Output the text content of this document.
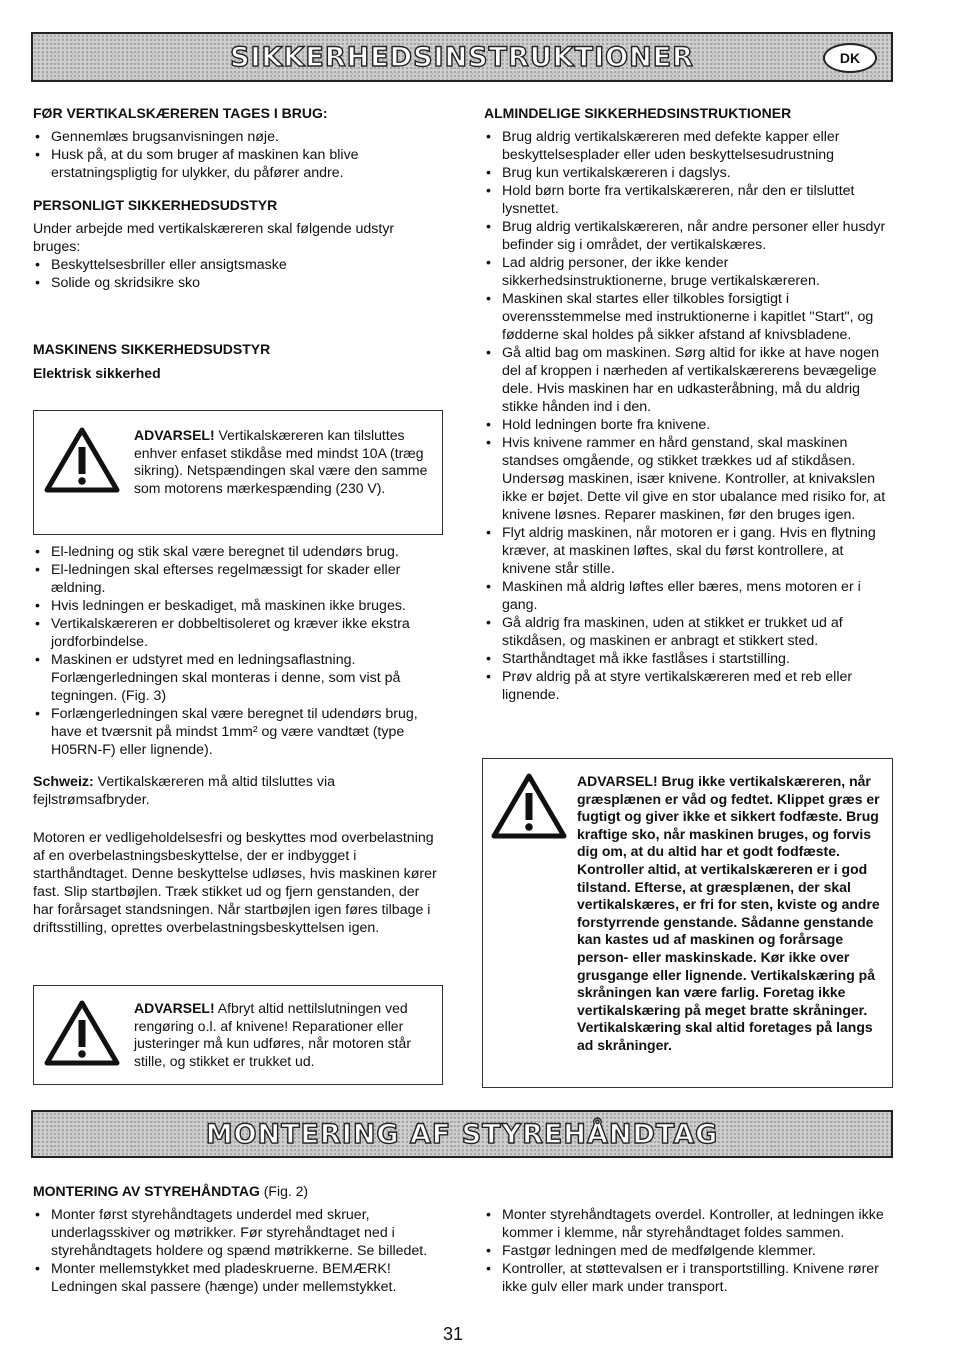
SIKKERHEDSINSTRUKTIONER	DK
FØR VERTIKALSKÆREREN TAGES I BRUG:
• Gennemlæs brugsanvisningen nøje.
• Husk på, at du som bruger af maskinen kan blive erstatningspligtig for ulykker, du påfører andre.
PERSONLIGT SIKKERHEDSUDSTYR

Under arbejde med vertikalskæreren skal følgende udstyr bruges:

• Beskyttelsesbriller eller ansigtsmaske
• Solide og skridsikre sko
MASKINENS SIKKERHEDSUDSTYR
Elektrisk sikkerhed
ADVARSEL! Vertikalskæreren kan tilsluttes enhver enfaset stikdåse med mindst 10A (træg sikring). Netspændingen skal være den samme som motorens mærkespænding (230 V).
• El-ledning og stik skal være beregnet til udendørs brug.
• El-ledningen skal efterses regelmæssigt for skader eller ældning.
• Hvis ledningen er beskadiget, må maskinen ikke bruges.
• Vertikalskæreren er dobbeltisoleret og kræver ikke ekstra jordforbindelse.
• Maskinen er udstyret med en ledningsaflastning. Forlængerledningen skal monteras i denne, som vist på tegningen. (Fig. 3)
• Forlængerledningen skal være beregnet til udendørs brug, have et tværsnit på mindst 1mm² og være vandtæt (type H05RN-F) eller lignende).

Schweiz: Vertikalskæreren må altid tilsluttes via fejlstrømsafbryder.

Motoren er vedligeholdelsesfri og beskyttes mod overbelastning af en overbelastningsbeskyttelse, der er indbygget i starthåndtaget. Denne beskyttelse udløses, hvis maskinen kører fast. Slip startbøjlen. Træk stikket ud og fjern genstanden, der har forårsaget standsningen. Når startbøjlen igen føres tilbage i driftsstilling, oprettes overbelastningsbeskyttelsen igen.

ADVARSEL! Afbryt altid nettilslutningen ved rengøring o.l. af knivene! Reparationer eller justeringer må kun udføres, når motoren står stille, og stikket er trukket ud.
ALMINDELIGE SIKKERHEDSINSTRUKTIONER
• Brug aldrig vertikalskæreren med defekte kapper eller beskyttelsesplader eller uden beskyttelsesudrustning
• Brug kun vertikalskæreren i dagslys.
• Hold børn borte fra vertikalskæreren, når den er tilsluttet lysnettet.
• Brug aldrig vertikalskæreren, når andre personer eller husdyr befinder sig i området, der vertikalskæres.
• Lad aldrig personer, der ikke kender sikkerhedsinstruktionerne, bruge vertikalskæreren.
• Maskinen skal startes eller tilkobles forsigtigt i overensstemmelse med instruktionerne i kapitlet "Start", og fødderne skal holdes på sikker afstand af knivsbladene.
• Gå altid bag om maskinen. Sørg altid for ikke at have nogen del af kroppen i nærheden af vertikalskærerens bevægelige dele. Hvis maskinen har en udkasteråbning, må du aldrig stikke hånden ind i den.
• Hold ledningen borte fra knivene.
• Hvis knivene rammer en hård genstand, skal maskinen standses omgående, og stikket trækkes ud af stikdåsen. Undersøg maskinen, især knivene. Kontroller, at knivakslen ikke er bøjet. Dette vil give en stor ubalance med risiko for, at knivene løsnes. Reparer maskinen, før den bruges igen.
• Flyt aldrig maskinen, når motoren er i gang. Hvis en flytning kræver, at maskinen løftes, skal du først kontrollere, at knivene står stille.
• Maskinen må aldrig løftes eller bæres, mens motoren er i gang.
• Gå aldrig fra maskinen, uden at stikket er trukket ud af stikdåsen, og maskinen er anbragt et stikkert sted.
• Starthåndtaget må ikke fastlåses i startstilling.
• Prøv aldrig på at styre vertikalskæreren med et reb eller lignende.
ADVARSEL! Brug ikke vertikalskæreren, når græsplænen er våd og fedtet. Klippet græs er fugtigt og giver ikke et sikkert fodfæste. Brug kraftige sko, når maskinen bruges, og forvis dig om, at du altid har et godt fodfæste. Kontroller altid, at vertikalskæreren er i god tilstand. Efterse, at græsplænen, der skal vertikalskæres, er fri for sten, kviste og andre forstyrrende genstande. Sådanne genstande kan kastes ud af maskinen og forårsage person- eller maskinskade. Kør ikke over grusgange eller lignende. Vertikalskæring på skråningen kan være farlig. Foretag ikke vertikalskæring på meget bratte skråninger. Vertikalskæring skal altid foretages på langs ad skråninger.
MONTERING AF STYREHÅNDTAG
MONTERING AV STYREHÅNDTAG (Fig. 2)
• Monter først styrehåndtagets underdel med skruer, underlagsskiver og møtrikker. Før styrehåndtaget ned i styrehåndtagets holdere og spænd møtrikkerne. Se billedet.
• Monter mellemstykket med pladeskruerne. BEMÆRK! Ledningen skal passere (hænge) under mellemstykket.
• Monter styrehåndtagets overdel. Kontroller, at ledningen ikke kommer i klemme, når styrehåndtaget foldes sammen.
• Fastgør ledningen med de medfølgende klemmer.
• Kontroller, at støttevalsen er i transportstilling. Knivene rører ikke gulv eller mark under transport.
31
